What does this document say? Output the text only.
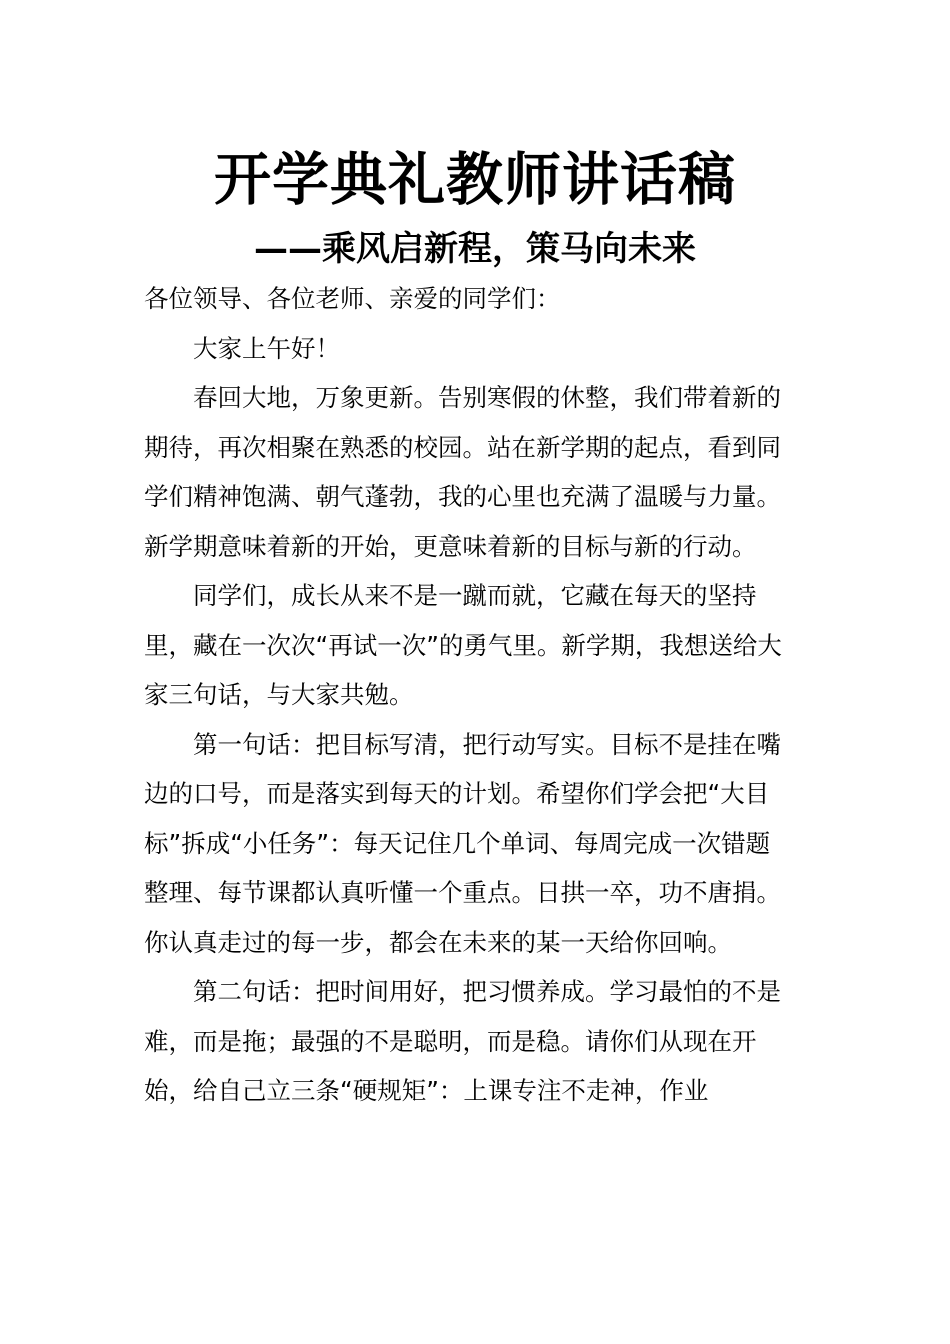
开学典礼教师讲话稿
——乘风启新程，策马向未来

各位领导、各位老师、亲爱的同学们：

大家上午好！

春回大地，万象更新。告别寒假的休整，我们带着新的期待，再次相聚在熟悉的校园。站在新学期的起点，看到同学们精神饱满、朝气蓬勃，我的心里也充满了温暖与力量。新学期意味着新的开始，更意味着新的目标与新的行动。

同学们，成长从来不是一蹴而就，它藏在每天的坚持里，藏在一次次“再试一次”的勇气里。新学期，我想送给大家三句话，与大家共勉。

第一句话：把目标写清，把行动写实。目标不是挂在嘴边的口号，而是落实到每天的计划。希望你们学会把“大目标”拆成“小任务”：每天记住几个单词、每周完成一次错题整理、每节课都认真听懂一个重点。日拱一卒，功不唐捐。你认真走过的每一步，都会在未来的某一天给你回响。

第二句话：把时间用好，把习惯养成。学习最怕的不是难，而是拖；最强的不是聪明，而是稳。请你们从现在开始，给自己立三条“硬规矩”：上课专注不走神，作业
